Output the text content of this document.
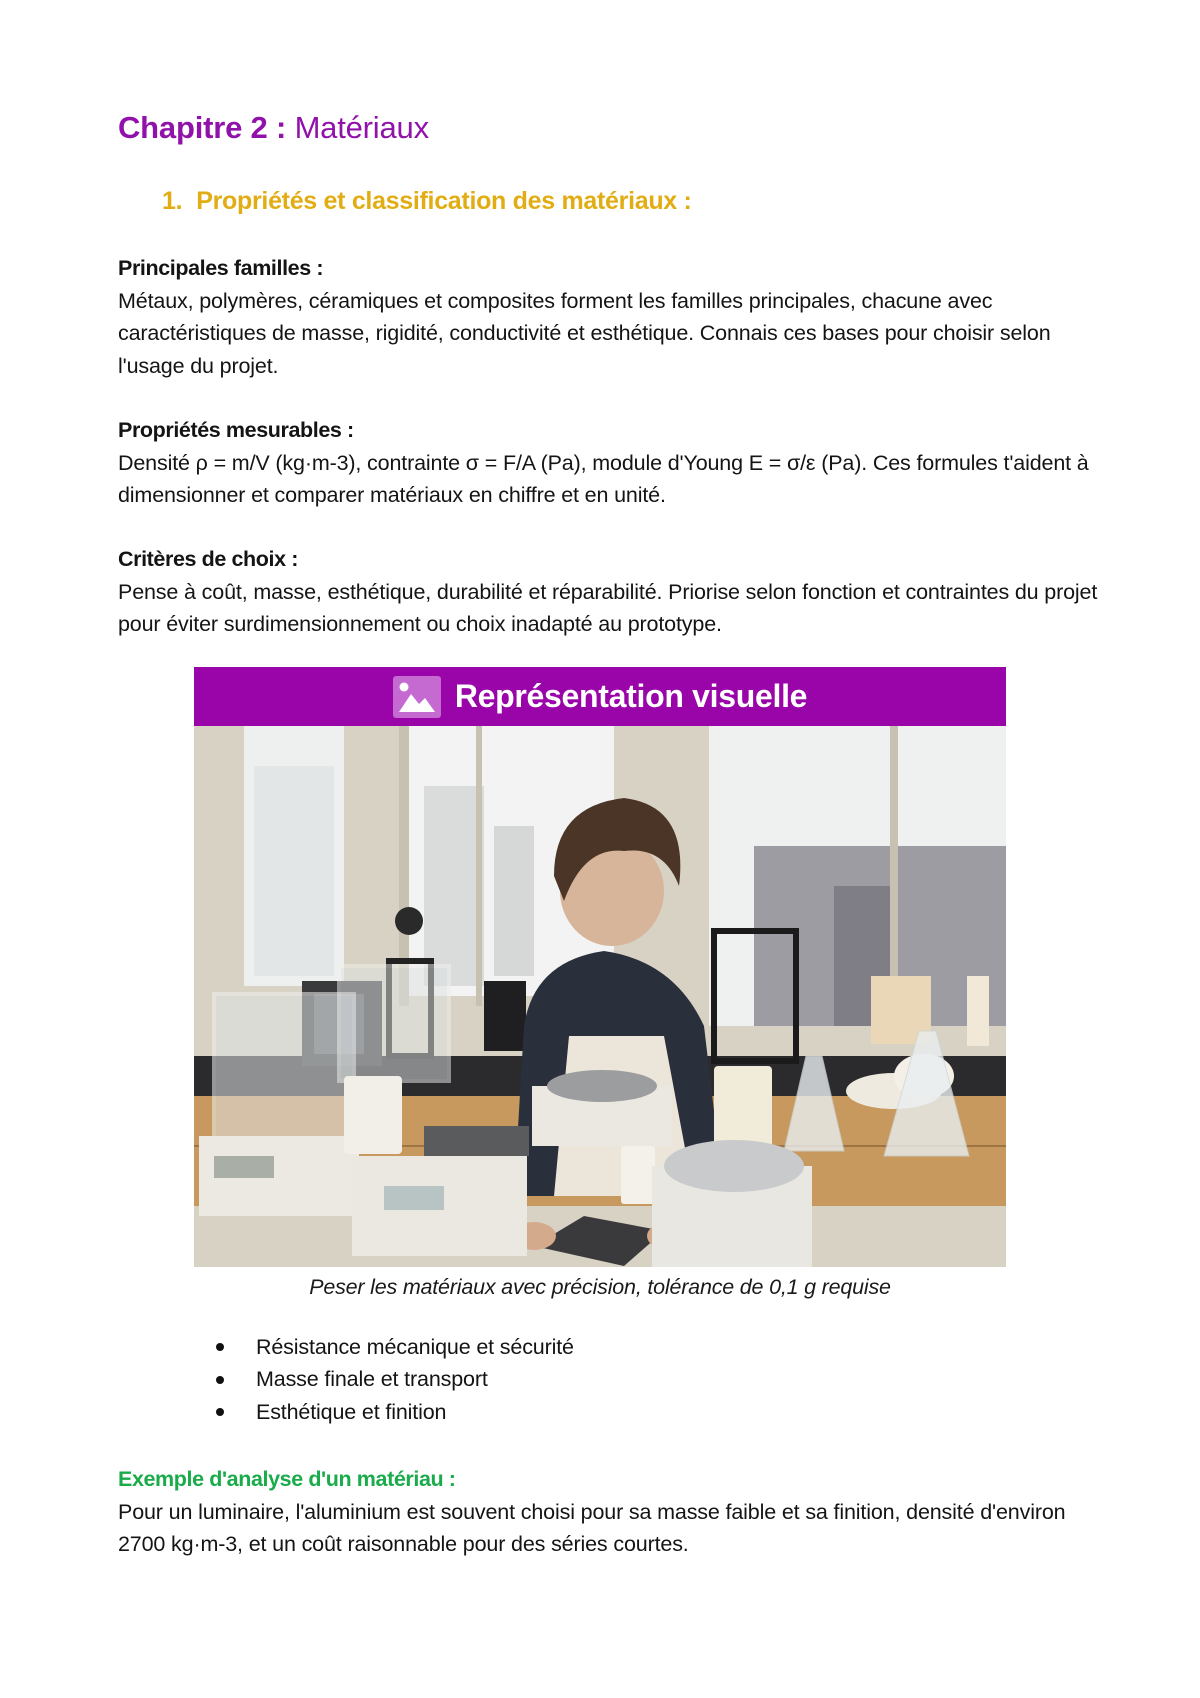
Chapitre 2 : Matériaux
1. Propriétés et classification des matériaux :
Principales familles :
Métaux, polymères, céramiques et composites forment les familles principales, chacune avec caractéristiques de masse, rigidité, conductivité et esthétique. Connais ces bases pour choisir selon l'usage du projet.
Propriétés mesurables :
Densité ρ = m/V (kg·m-3), contrainte σ = F/A (Pa), module d'Young E = σ/ε (Pa). Ces formules t'aident à dimensionner et comparer matériaux en chiffre et en unité.
Critères de choix :
Pense à coût, masse, esthétique, durabilité et réparabilité. Priorise selon fonction et contraintes du projet pour éviter surdimensionnement ou choix inadapté au prototype.
Représentation visuelle

Peser les matériaux avec précision, tolérance de 0,1 g requise

Résistance mécanique et sécurité
Masse finale et transport
Esthétique et finition
Exemple d'analyse d'un matériau :
Pour un luminaire, l'aluminium est souvent choisi pour sa masse faible et sa finition, densité d'environ 2700 kg·m-3, et un coût raisonnable pour des séries courtes.
